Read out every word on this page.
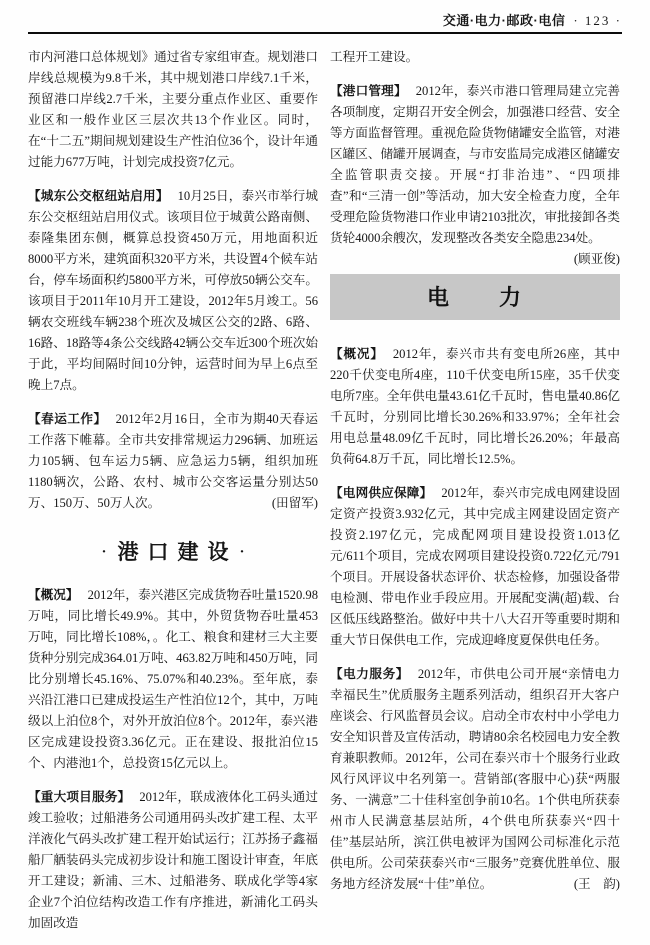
交通·电力·邮政·电信 · 123 ·

市内河港口总体规划》通过省专家组审查。规划港口岸线总规模为9.8千米，其中规划港口岸线7.1千米，预留港口岸线2.7千米，主要分重点作业区、重要作业区和一般作业区三层次共13个作业区。同时，在“十二五”期间规划建设生产性泊位36个，设计年通过能力677万吨，计划完成投资7亿元。

【城东公交枢纽站启用】 10月25日，泰兴市举行城东公交枢纽站启用仪式。该项目位于城黄公路南侧、泰隆集团东侧，概算总投资450万元，用地面积近8000平方米，建筑面积320平方米，共设置4个候车站台，停车场面积约5800平方米，可停放50辆公交车。该项目于2011年10月开工建设，2012年5月竣工。56辆农交班线车辆238个班次及城区公交的2路、6路、16路、18路等4条公交线路42辆公交车近300个班次始于此，平均间隔时间10分钟，运营时间为早上6点至晚上7点。

【春运工作】 2012年2月16日，全市为期40天春运工作落下帷幕。全市共安排常规运力296辆、加班运力105辆、包车运力5辆、应急运力5辆，组织加班1180辆次，公路、农村、城市公交客运量分别达50万、150万、50万人次。	(田留军)

· 港口建设 ·

【概况】 2012年，泰兴港区完成货物吞吐量1520.98万吨，同比增长49.9%。其中，外贸货物吞吐量453万吨，同比增长108%，。化工、粮食和建材三大主要货种分别完成364.01万吨、463.82万吨和450万吨，同比分别增长45.16%、75.07%和40.23%。至年底，泰兴沿江港口已建成投运生产性泊位12个，其中，万吨级以上泊位8个，对外开放泊位8个。2012年，泰兴港区完成建设投资3.36亿元。正在建设、报批泊位15个、内港池1个，总投资15亿元以上。

【重大项目服务】 2012年，联成液体化工码头通过竣工验收；过船港务公司通用码头改扩建工程、太平洋液化气码头改扩建工程开始试运行；江苏扬子鑫福船厂舾装码头完成初步设计和施工图设计审查，年底开工建设；新浦、三木、过船港务、联成化学等4家企业7个泊位结构改造工作有序推进，新浦化工码头加固改造

工程开工建设。

【港口管理】 2012年，泰兴市港口管理局建立完善各项制度，定期召开安全例会，加强港口经营、安全等方面监督管理。重视危险货物储罐安全监管，对港区罐区、储罐开展调查，与市安监局完成港区储罐安全监管职责交接。开展“打非治违”、“四项排查”和“三清一创”等活动，加大安全检查力度，全年受理危险货物港口作业申请2103批次，审批接卸各类货轮4000余艘次，发现整改各类安全隐患234处。
(顾亚俊)

电　　力

【概况】 2012年，泰兴市共有变电所26座，其中220千伏变电所4座，110千伏变电所15座，35千伏变电所7座。全年供电量43.61亿千瓦时，售电量40.86亿千瓦时，分别同比增长30.26%和33.97%；全年社会用电总量48.09亿千瓦时，同比增长26.20%；年最高负荷64.8万千瓦，同比增长12.5%。

【电网供应保障】 2012年，泰兴市完成电网建设固定资产投资3.932亿元，其中完成主网建设固定资产投资2.197亿元，完成配网项目建设投资1.013亿元/611个项目，完成农网项目建设投资0.722亿元/791个项目。开展设备状态评价、状态检修，加强设备带电检测、带电作业手段应用。开展配变满(超)载、台区低压线路整治。做好中共十八大召开等重要时期和重大节日保供电工作，完成迎峰度夏保供电任务。

【电力服务】 2012年，市供电公司开展“亲情电力　幸福民生”优质服务主题系列活动，组织召开大客户座谈会、行风监督员会议。启动全市农村中小学电力安全知识普及宣传活动，聘请80余名校园电力安全教育兼职教师。2012年，公司在泰兴市十个服务行业政风行风评议中名列第一。营销部(客服中心)获“两服务、一满意”二十佳科室创争前10名。1个供电所获泰州市人民满意基层站所，4个供电所获泰兴“四十佳”基层站所，滨江供电被评为国网公司标准化示范供电所。公司荣获泰兴市“三服务”竞赛优胜单位、服务地方经济发展“十佳”单位。	(王　韵)
